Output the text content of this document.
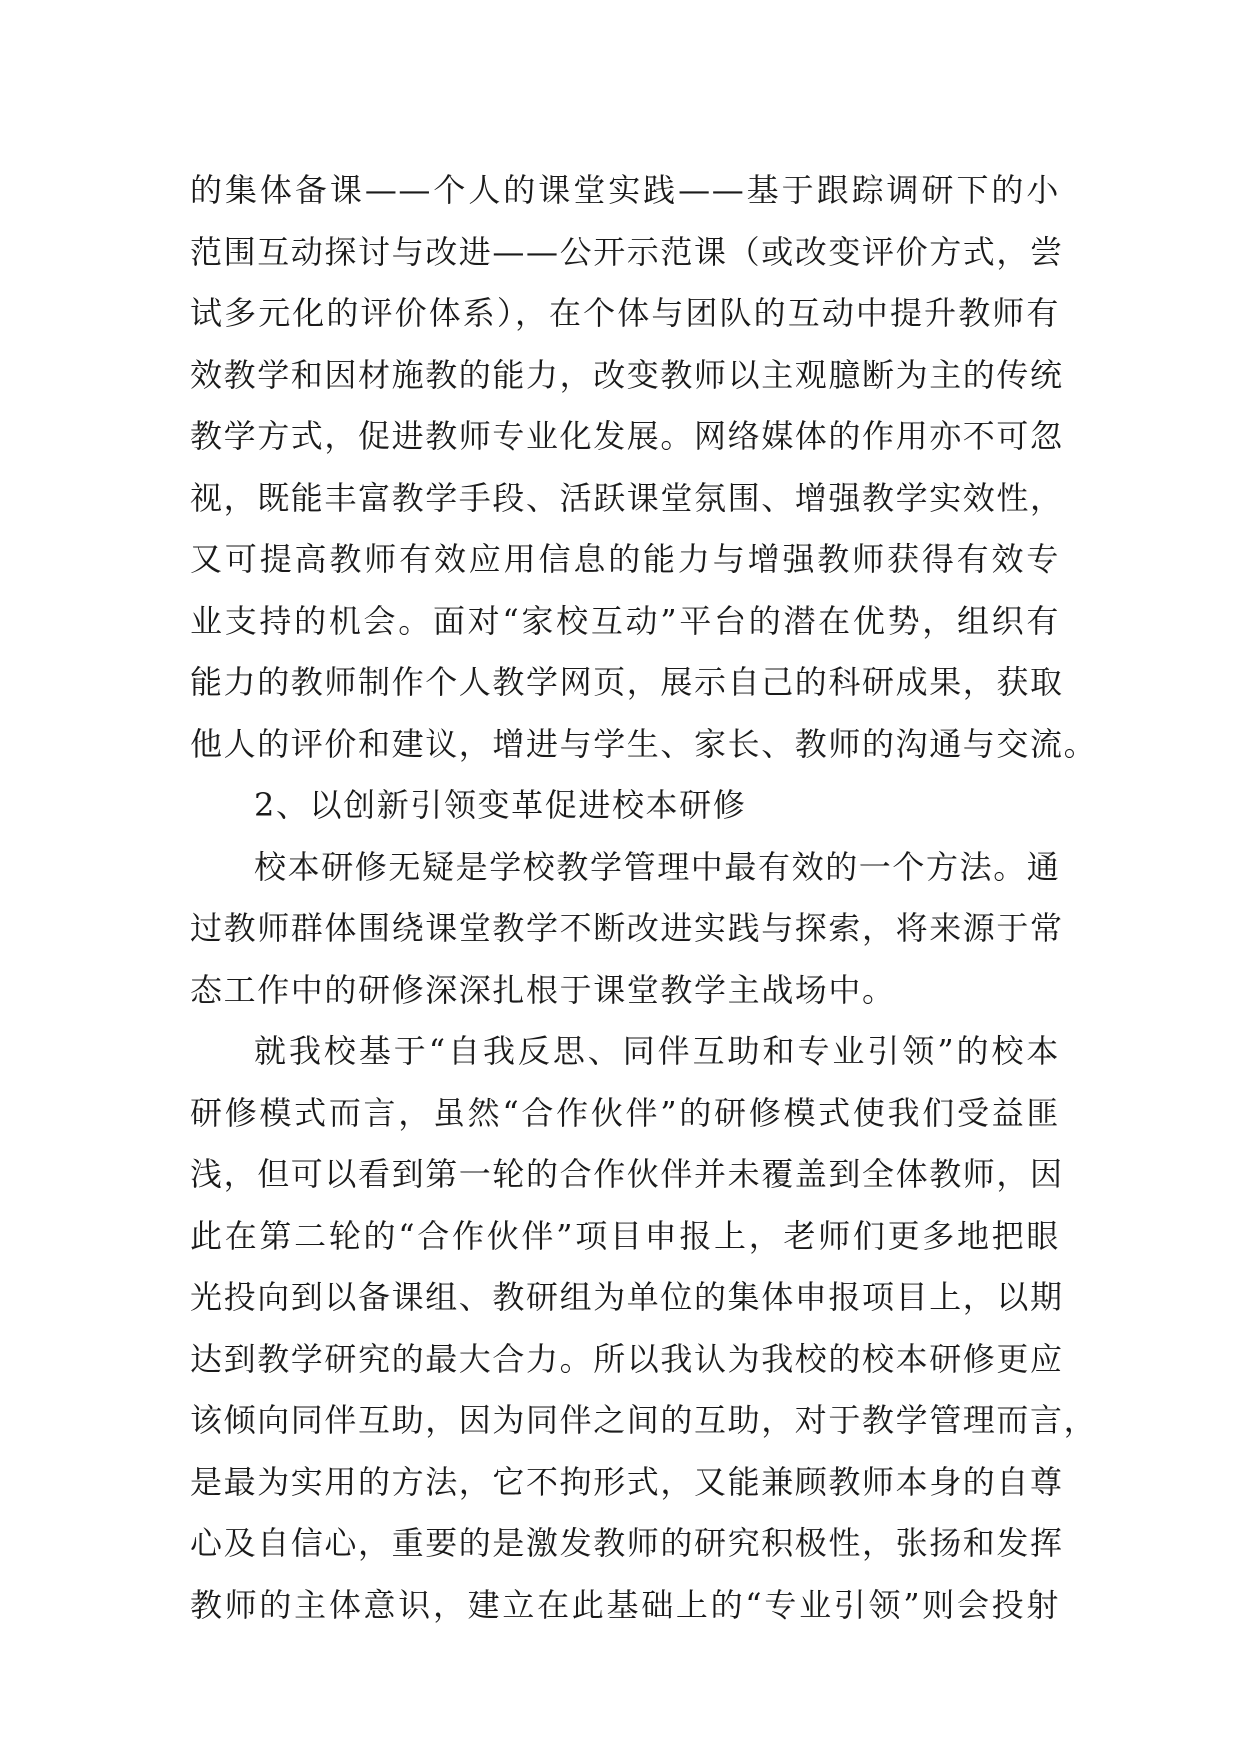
的集体备课——个人的课堂实践——基于跟踪调研下的小
范围互动探讨与改进——公开示范课（或改变评价方式，尝
试多元化的评价体系），在个体与团队的互动中提升教师有
效教学和因材施教的能力，改变教师以主观臆断为主的传统
教学方式，促进教师专业化发展。网络媒体的作用亦不可忽
视，既能丰富教学手段、活跃课堂氛围、增强教学实效性，
又可提高教师有效应用信息的能力与增强教师获得有效专
业支持的机会。面对“家校互动”平台的潜在优势，组织有
能力的教师制作个人教学网页，展示自己的科研成果，获取
他人的评价和建议，增进与学生、家长、教师的沟通与交流。
2、以创新引领变革促进校本研修
校本研修无疑是学校教学管理中最有效的一个方法。通
过教师群体围绕课堂教学不断改进实践与探索，将来源于常
态工作中的研修深深扎根于课堂教学主战场中。
就我校基于“自我反思、同伴互助和专业引领”的校本
研修模式而言，虽然“合作伙伴”的研修模式使我们受益匪
浅，但可以看到第一轮的合作伙伴并未覆盖到全体教师，因
此在第二轮的“合作伙伴”项目申报上，老师们更多地把眼
光投向到以备课组、教研组为单位的集体申报项目上，以期
达到教学研究的最大合力。所以我认为我校的校本研修更应
该倾向同伴互助，因为同伴之间的互助，对于教学管理而言，
是最为实用的方法，它不拘形式，又能兼顾教师本身的自尊
心及自信心，重要的是激发教师的研究积极性，张扬和发挥
教师的主体意识，建立在此基础上的“专业引领”则会投射
